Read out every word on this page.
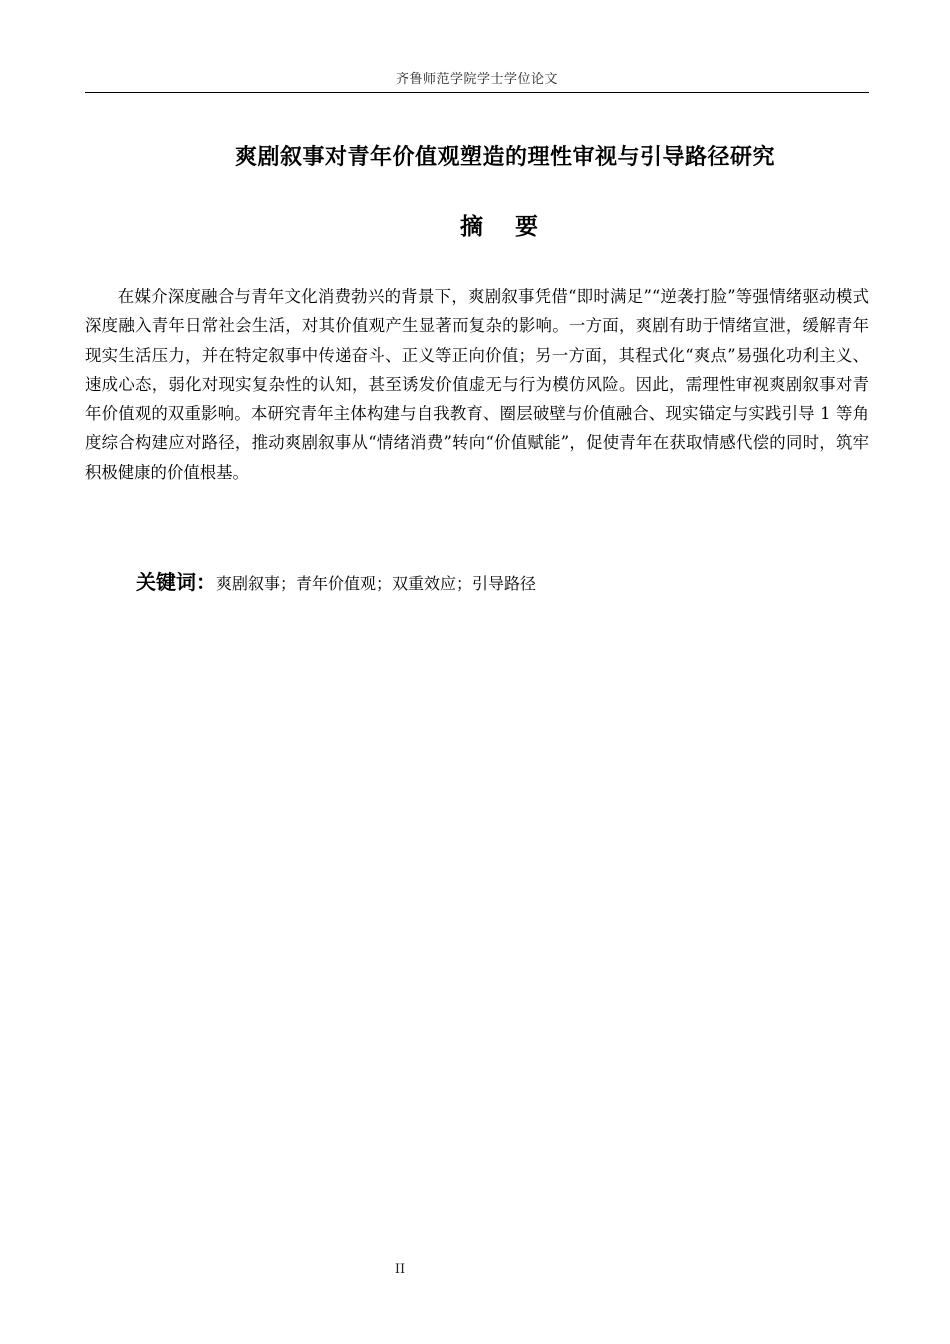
齐鲁师范学院学士学位论文
爽剧叙事对青年价值观塑造的理性审视与引导路径研究
摘 要

在媒介深度融合与青年文化消费勃兴的背景下，爽剧叙事凭借“即时满足”“逆袭打脸”等强情绪驱动模式深度融入青年日常社会生活，对其价值观产生显著而复杂的影响。一方面，爽剧有助于情绪宣泄，缓解青年现实生活压力，并在特定叙事中传递奋斗、正义等正向价值；另一方面，其程式化“爽点”易强化功利主义、速成心态，弱化对现实复杂性的认知，甚至诱发价值虚无与行为模仿风险。因此，需理性审视爽剧叙事对青年价值观的双重影响。本研究青年主体构建与自我教育、圈层破壁与价值融合、现实锚定与实践引导 1 等角度综合构建应对路径，推动爽剧叙事从“情绪消费”转向“价值赋能”，促使青年在获取情感代偿的同时，筑牢积极健康的价值根基。

关键词：爽剧叙事；青年价值观；双重效应；引导路径
II
